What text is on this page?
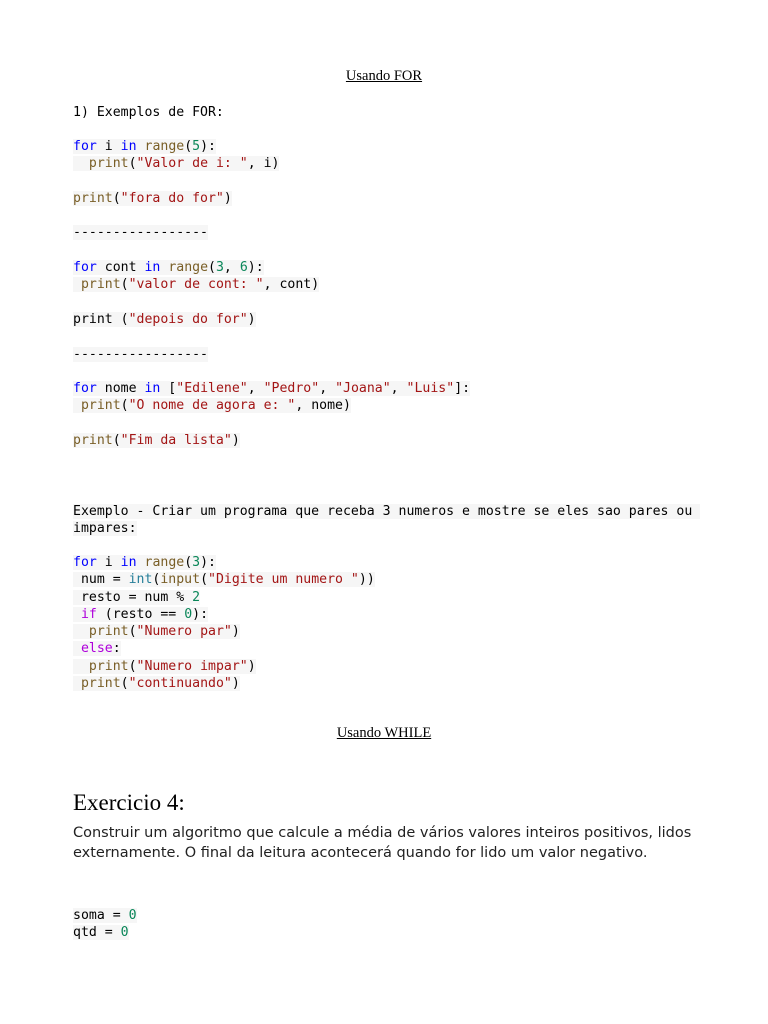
Usando FOR
1) Exemplos de FOR:
for i in range(5):
print("Valor de i: ", i)
print("fora do for")
-----------------
for cont in range(3, 6):
print("valor de cont: ", cont)
print ("depois do for")
-----------------
for nome in ["Edilene", "Pedro", "Joana", "Luis"]:
print("O nome de agora e: ", nome)
print("Fim da lista")
Exemplo - Criar um programa que receba 3 numeros e mostre se eles sao pares ou impares:
for i in range(3):
num = int(input("Digite um numero "))
resto = num % 2
if (resto == 0):
print("Numero par")
else:
print("Numero impar")
print("continuando")
Usando WHILE
Exercicio 4:
Construir um algoritmo que calcule a média de vários valores inteiros positivos, lidos externamente. O final da leitura acontecerá quando for lido um valor negativo.
soma = 0
qtd = 0
